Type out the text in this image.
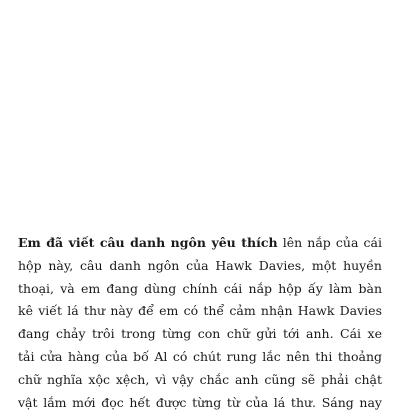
Em đã viết câu danh ngôn yêu thích lên nắp của cái
hộp này, câu danh ngôn của Hawk Davies, một huyền
thoại, và em đang dùng chính cái nắp hộp ấy làm bàn
kê viết lá thư này để em có thể cảm nhận Hawk Davies
đang chảy trôi trong từng con chữ gửi tới anh. Cái xe
tải cửa hàng của bố Al có chút rung lắc nên thi thoảng
chữ nghĩa xộc xệch, vì vậy chắc anh cũng sẽ phải chật
vật lắm mới đọc hết được từng từ của lá thư. Sáng nay
